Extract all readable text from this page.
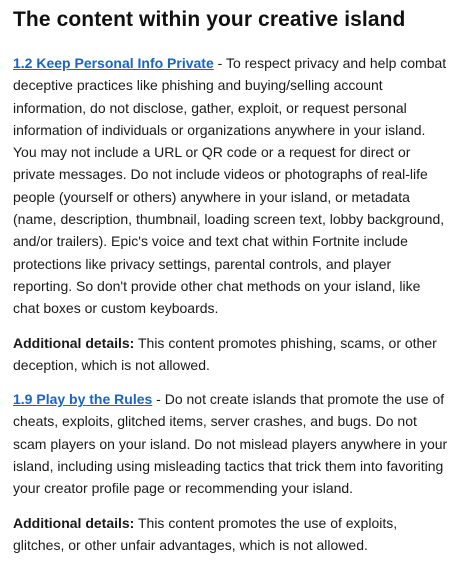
The content within your creative island

1.2 Keep Personal Info Private - To respect privacy and help combat deceptive practices like phishing and buying/selling account information, do not disclose, gather, exploit, or request personal information of individuals or organizations anywhere in your island. You may not include a URL or QR code or a request for direct or private messages. Do not include videos or photographs of real-life people (yourself or others) anywhere in your island, or metadata (name, description, thumbnail, loading screen text, lobby background, and/or trailers). Epic's voice and text chat within Fortnite include protections like privacy settings, parental controls, and player reporting. So don't provide other chat methods on your island, like chat boxes or custom keyboards.

Additional details: This content promotes phishing, scams, or other deception, which is not allowed.

1.9 Play by the Rules - Do not create islands that promote the use of cheats, exploits, glitched items, server crashes, and bugs. Do not scam players on your island. Do not mislead players anywhere in your island, including using misleading tactics that trick them into favoriting your creator profile page or recommending your island.

Additional details: This content promotes the use of exploits, glitches, or other unfair advantages, which is not allowed.
